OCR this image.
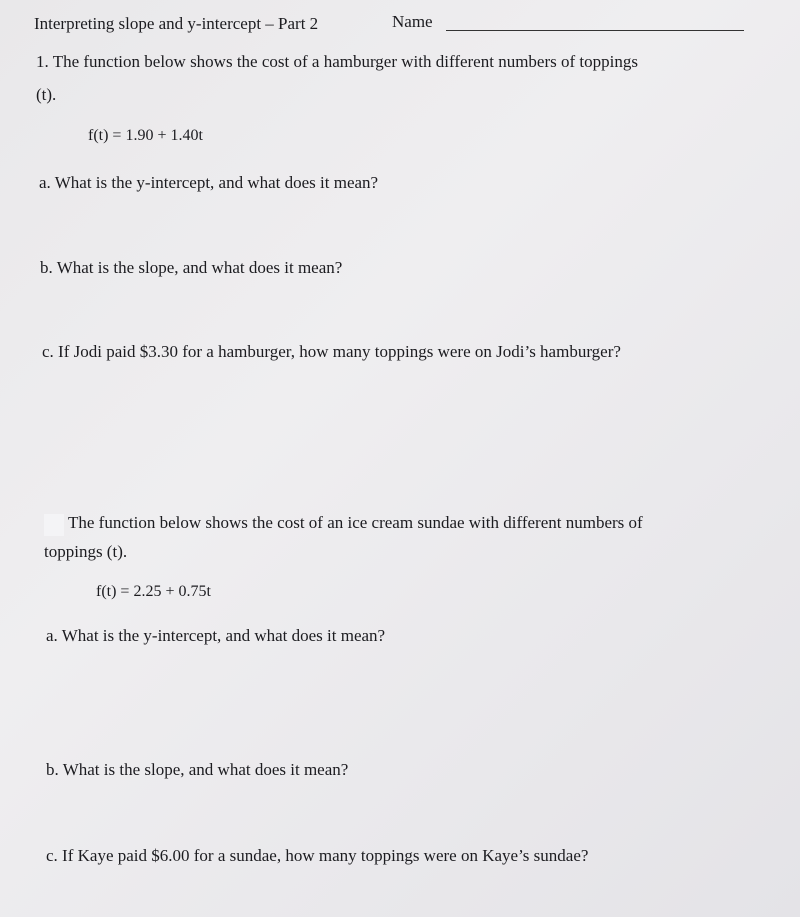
Interpreting slope and y-intercept – Part 2	Name
1. The function below shows the cost of a hamburger with different numbers of toppings
(t).
f(t) = 1.90 + 1.40t
a. What is the y-intercept, and what does it mean?
b. What is the slope, and what does it mean?
c. If Jodi paid $3.30 for a hamburger, how many toppings were on Jodi’s hamburger?
The function below shows the cost of an ice cream sundae with different numbers of
toppings (t).
f(t) = 2.25 + 0.75t
a. What is the y-intercept, and what does it mean?
b. What is the slope, and what does it mean?
c. If Kaye paid $6.00 for a sundae, how many toppings were on Kaye’s sundae?
